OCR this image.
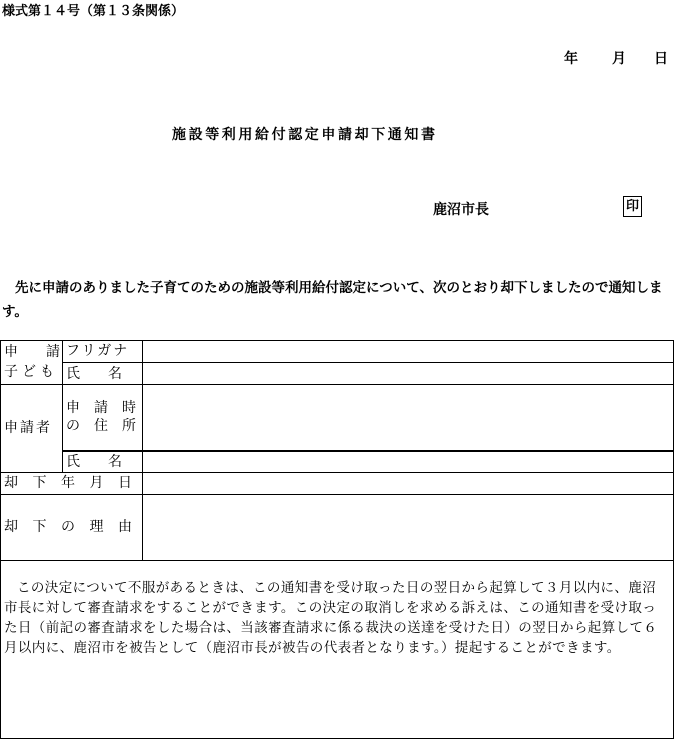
様式第１４号（第１３条関係）
年 月 日
施設等利用給付認定申請却下通知書
鹿沼市長	印
先に申請のありました子育てのための施設等利用給付認定について、次のとおり却下しましたので通知します。
申　　請
子ども
フリガナ
氏　　名
申請者
申　請　時
の　住　所
氏　　名
却下年月日
却下の理由
この決定について不服があるときは、この通知書を受け取った日の翌日から起算して３月以内に、鹿沼市長に対して審査請求をすることができます。この決定の取消しを求める訴えは、この通知書を受け取った日（前記の審査請求をした場合は、当該審査請求に係る裁決の送達を受けた日）の翌日から起算して６月以内に、鹿沼市を被告として（鹿沼市長が被告の代表者となります。）提起することができます。
